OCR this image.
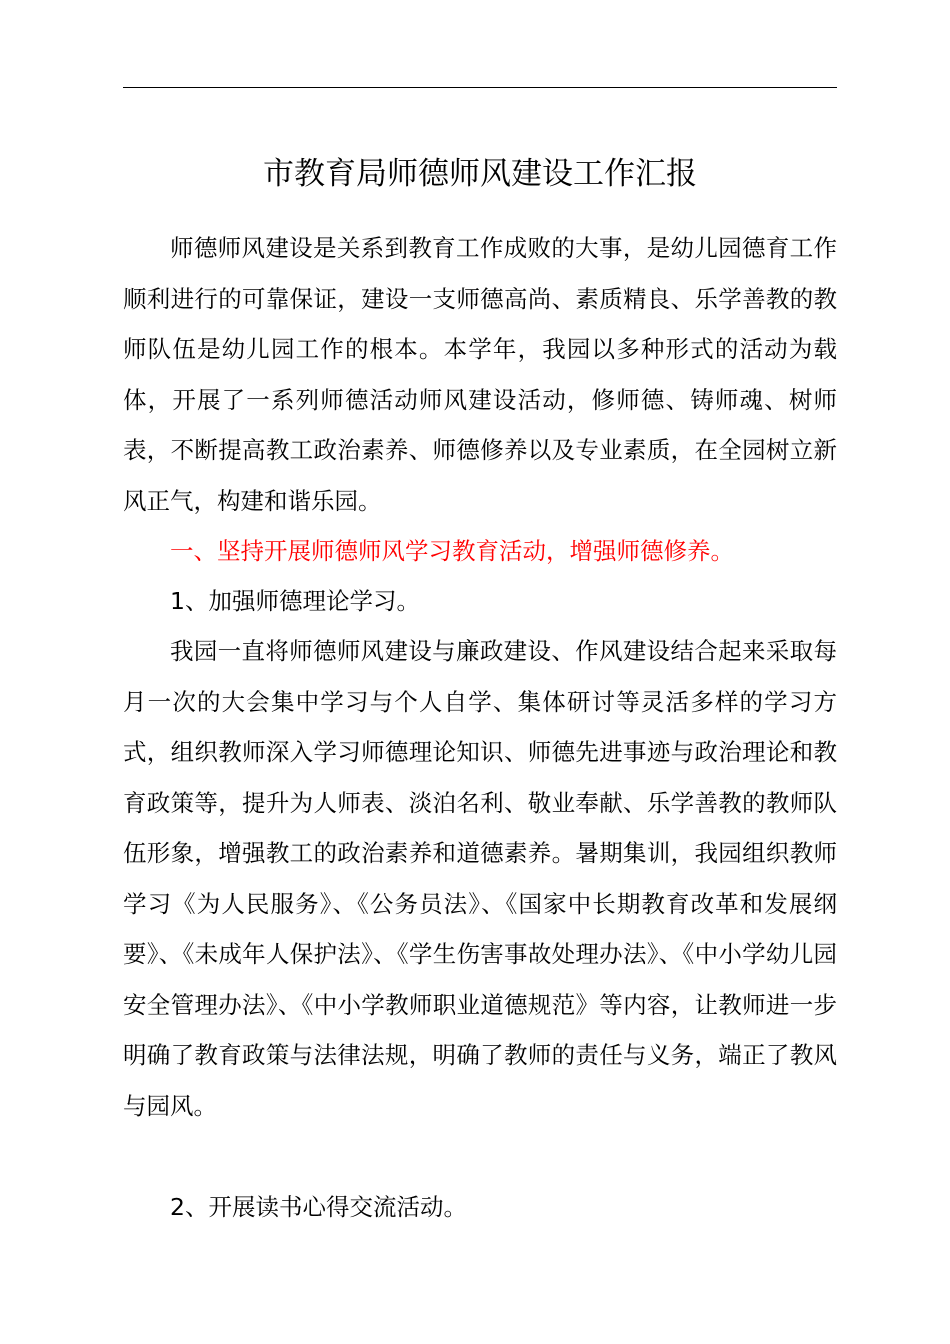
市教育局师德师风建设工作汇报

师德师风建设是关系到教育工作成败的大事，是幼儿园德育工作顺利进行的可靠保证，建设一支师德高尚、素质精良、乐学善教的教师队伍是幼儿园工作的根本。本学年，我园以多种形式的活动为载体，开展了一系列师德活动师风建设活动，修师德、铸师魂、树师表，不断提高教工政治素养、师德修养以及专业素质，在全园树立新风正气，构建和谐乐园。

一、坚持开展师德师风学习教育活动，增强师德修养。

1、加强师德理论学习。

我园一直将师德师风建设与廉政建设、作风建设结合起来采取每月一次的大会集中学习与个人自学、集体研讨等灵活多样的学习方式，组织教师深入学习师德理论知识、师德先进事迹与政治理论和教育政策等，提升为人师表、淡泊名利、敬业奉献、乐学善教的教师队伍形象，增强教工的政治素养和道德素养。暑期集训，我园组织教师学习《为人民服务》、《公务员法》、《国家中长期教育改革和发展纲要》、《未成年人保护法》、《学生伤害事故处理办法》、《中小学幼儿园安全管理办法》、《中小学教师职业道德规范》等内容，让教师进一步明确了教育政策与法律法规，明确了教师的责任与义务，端正了教风与园风。

2、开展读书心得交流活动。
